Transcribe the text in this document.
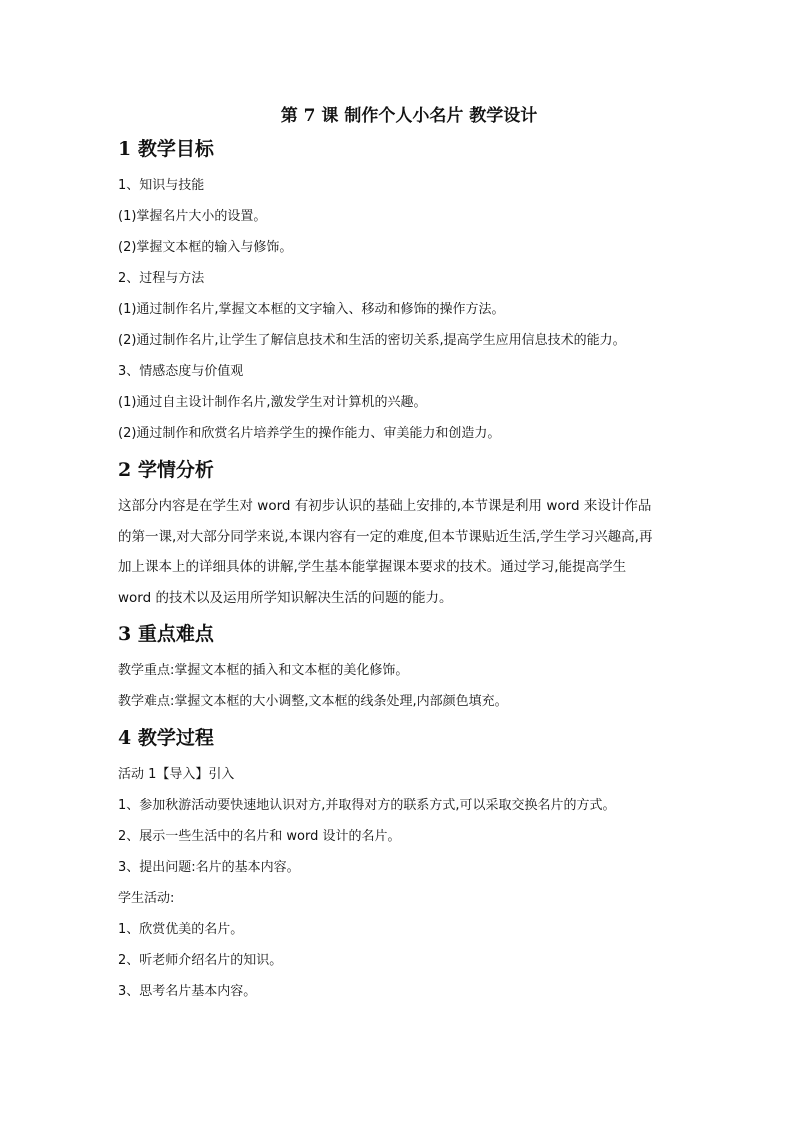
第 7 课 制作个人小名片 教学设计
1 教学目标

1、知识与技能

(1)掌握名片大小的设置。

(2)掌握文本框的输入与修饰。

2、过程与方法

(1)通过制作名片,掌握文本框的文字输入、移动和修饰的操作方法。

(2)通过制作名片,让学生了解信息技术和生活的密切关系,提高学生应用信息技术的能力。

3、情感态度与价值观

(1)通过自主设计制作名片,激发学生对计算机的兴趣。

(2)通过制作和欣赏名片培养学生的操作能力、审美能力和创造力。

2 学情分析
这部分内容是在学生对 word 有初步认识的基础上安排的,本节课是利用 word 来设计作品
的第一课,对大部分同学来说,本课内容有一定的难度,但本节课贴近生活,学生学习兴趣高,再
加上课本上的详细具体的讲解,学生基本能掌握课本要求的技术。通过学习,能提高学生
word 的技术以及运用所学知识解决生活的问题的能力。
3 重点难点

教学重点:掌握文本框的插入和文本框的美化修饰。

教学难点:掌握文本框的大小调整,文本框的线条处理,内部颜色填充。

4 教学过程

活动 1【导入】引入

1、参加秋游活动要快速地认识对方,并取得对方的联系方式,可以采取交换名片的方式。

2、展示一些生活中的名片和 word 设计的名片。

3、提出问题:名片的基本内容。

学生活动:

1、欣赏优美的名片。

2、听老师介绍名片的知识。

3、思考名片基本内容。
